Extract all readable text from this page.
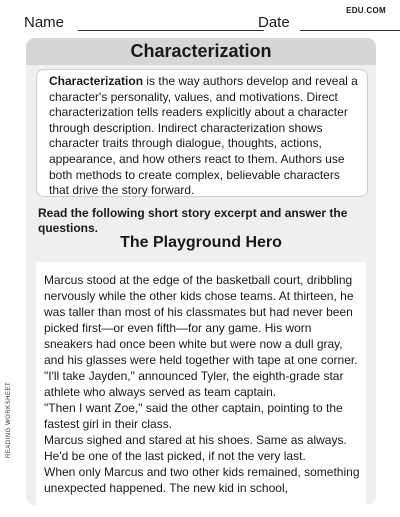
Name	Date
EDU.COM
Characterization
Characterization is the way authors develop and reveal a character's personality, values, and motivations. Direct characterization tells readers explicitly about a character through description. Indirect characterization shows character traits through dialogue, thoughts, actions, appearance, and how others react to them. Authors use both methods to create complex, believable characters that drive the story forward.
Read the following short story excerpt and answer the questions.
The Playground Hero

Marcus stood at the edge of the basketball court, dribbling nervously while the other kids chose teams. At thirteen, he was taller than most of his classmates but had never been picked first—or even fifth—for any game. His worn sneakers had once been white but were now a dull gray, and his glasses were held together with tape at one corner.

"I'll take Jayden," announced Tyler, the eighth-grade star athlete who always served as team captain.

"Then I want Zoe," said the other captain, pointing to the fastest girl in their class.

Marcus sighed and stared at his shoes. Same as always. He'd be one of the last picked, if not the very last.

When only Marcus and two other kids remained, something unexpected happened. The new kid in school,

READING WORKSHEET
